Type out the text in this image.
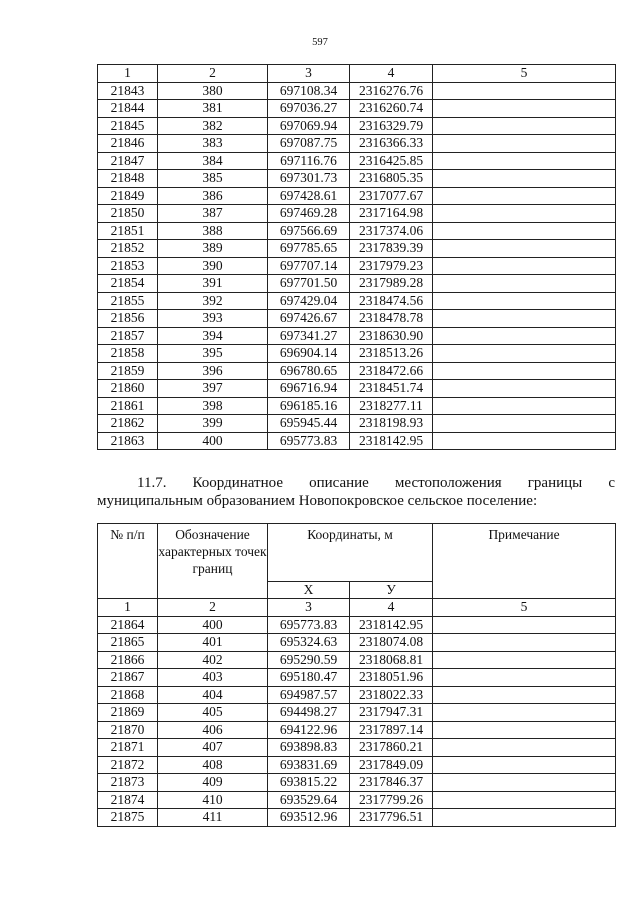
597
1	2	3	4	5
21843	380	697108.34	2316276.76	
21844	381	697036.27	2316260.74	
21845	382	697069.94	2316329.79	
21846	383	697087.75	2316366.33	
21847	384	697116.76	2316425.85	
21848	385	697301.73	2316805.35	
21849	386	697428.61	2317077.67	
21850	387	697469.28	2317164.98	
21851	388	697566.69	2317374.06	
21852	389	697785.65	2317839.39	
21853	390	697707.14	2317979.23	
21854	391	697701.50	2317989.28	
21855	392	697429.04	2318474.56	
21856	393	697426.67	2318478.78	
21857	394	697341.27	2318630.90	
21858	395	696904.14	2318513.26	
21859	396	696780.65	2318472.66	
21860	397	696716.94	2318451.74	
21861	398	696185.16	2318277.11	
21862	399	695945.44	2318198.93	
21863	400	695773.83	2318142.95	
11.7. Координатное описание местоположения границы с
муниципальным образованием Новопокровское сельское поселение:
№ п/п	Обозначение характерных точек границ	Координаты, м		Примечание
		Х	У	
1	2	3	4	5
21864	400	695773.83	2318142.95	
21865	401	695324.63	2318074.08	
21866	402	695290.59	2318068.81	
21867	403	695180.47	2318051.96	
21868	404	694987.57	2318022.33	
21869	405	694498.27	2317947.31	
21870	406	694122.96	2317897.14	
21871	407	693898.83	2317860.21	
21872	408	693831.69	2317849.09	
21873	409	693815.22	2317846.37	
21874	410	693529.64	2317799.26	
21875	411	693512.96	2317796.51	
